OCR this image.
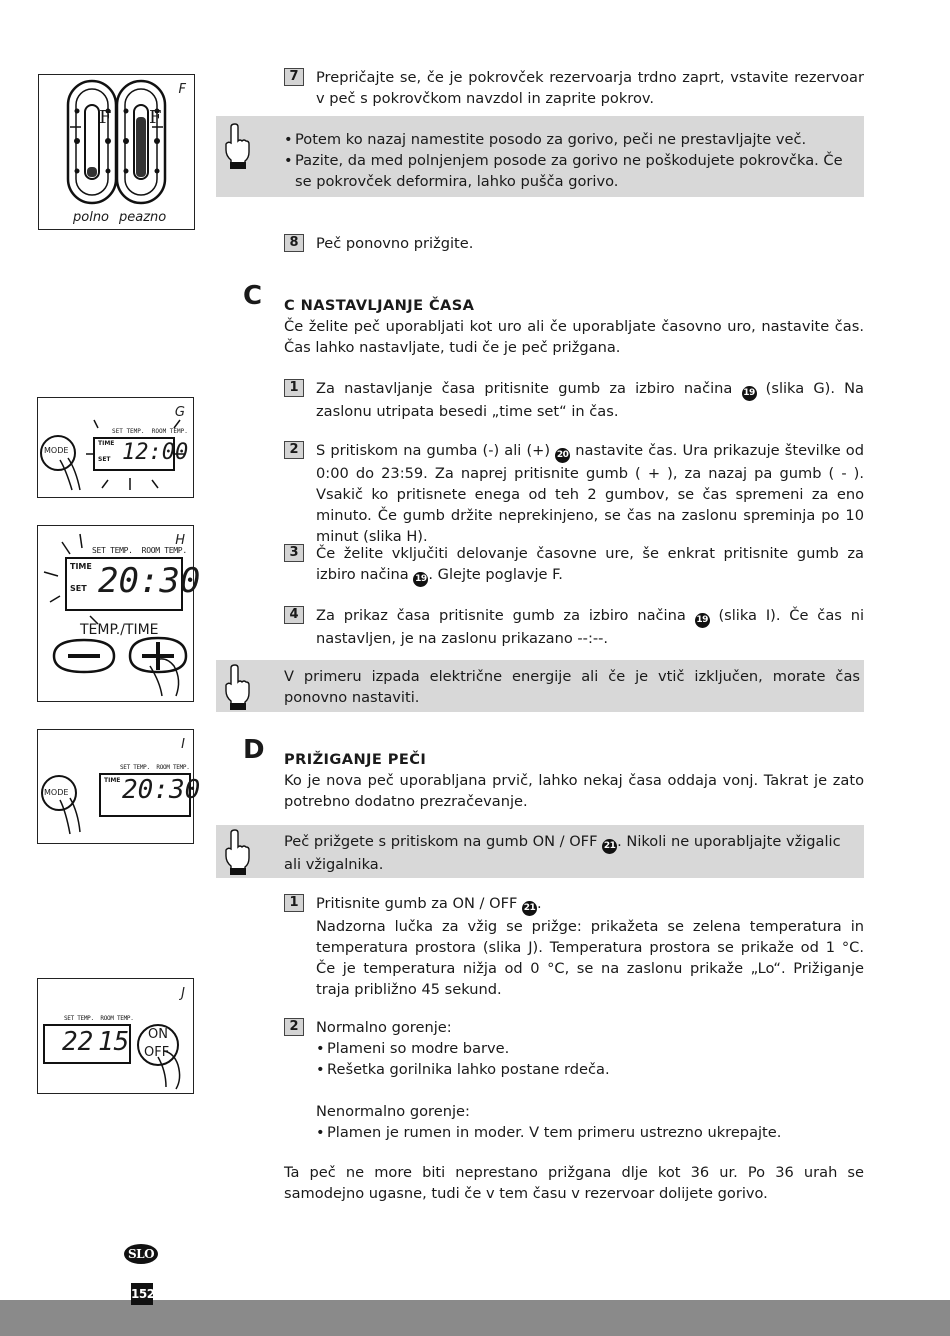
F
F F
polno peazno
G
MODE
SET TEMP.  ROOM TEMP.
TIME
SET 12:00
H
SET TEMP.  ROOM TEMP.
TIME
SET 20:30
TEMP./TIME
I
MODE
SET TEMP.  ROOM TEMP.
TIME 20:30
J
SET TEMP.  ROOM TEMP.
22 15 ON
OFF
7	Prepričajte se, če je pokrovček rezervoarja trdno zaprt, vstavite rezervoar v peč s pokrovčkom navzdol in zaprite pokrov.
• Potem ko nazaj namestite posodo za gorivo, peči ne prestavljajte več.
• Pazite, da med polnjenjem posode za gorivo ne poškodujete pokrovčka. Če se pokrovček deformira, lahko pušča gorivo.
8	Peč ponovno prižgite.
C C NASTAVLJANJE ČASA
Če želite peč uporabljati kot uro ali če uporabljate časovno uro, nastavite čas. Čas lahko nastavljate, tudi če je peč prižgana.
1	Za nastavljanje časa pritisnite gumb za izbiro načina 19 (slika G). Na zaslonu utripata besedi „time set“ in čas.
2	S pritiskom na gumba (-) ali (+) 20 nastavite čas. Ura prikazuje številke od 0:00 do 23:59. Za naprej pritisnite gumb ( + ), za nazaj pa gumb ( - ). Vsakič ko pritisnete enega od teh 2 gumbov, se čas spremeni za eno minuto. Če gumb držite neprekinjeno, se čas na zaslonu spreminja po 10 minut (slika H).
3	Če želite vključiti delovanje časovne ure, še enkrat pritisnite gumb za izbiro načina 19 . Glejte poglavje F.
4	Za prikaz časa pritisnite gumb za izbiro načina 19 (slika I). Če čas ni nastavljen, je na zaslonu prikazano --:--.
V primeru izpada električne energije ali če je vtič izključen, morate čas ponovno nastaviti.
D PRIŽIGANJE PEČI
Ko je nova peč uporabljana prvič, lahko nekaj časa oddaja vonj. Takrat je zato potrebno dodatno prezračevanje.
Peč prižgete s pritiskom na gumb ON / OFF 21 . Nikoli ne uporabljajte vžigalic ali vžigalnika.
1	Pritisnite gumb za ON / OFF 21 .
Nadzorna lučka za vžig se prižge: prikažeta se zelena temperatura in temperatura prostora (slika J). Temperatura prostora se prikaže od 1 °C. Če je temperatura nižja od 0 °C, se na zaslonu prikaže „Lo“. Prižiganje traja približno 45 sekund.
2	Normalno gorenje:
• Plameni so modre barve.
• Rešetka gorilnika lahko postane rdeča.
Nenormalno gorenje:
• Plamen je rumen in moder. V tem primeru ustrezno ukrepajte.
Ta peč ne more biti neprestano prižgana dlje kot 36 ur. Po 36 urah se samodejno ugasne, tudi če v tem času v rezervoar dolijete gorivo.
SLO
152
